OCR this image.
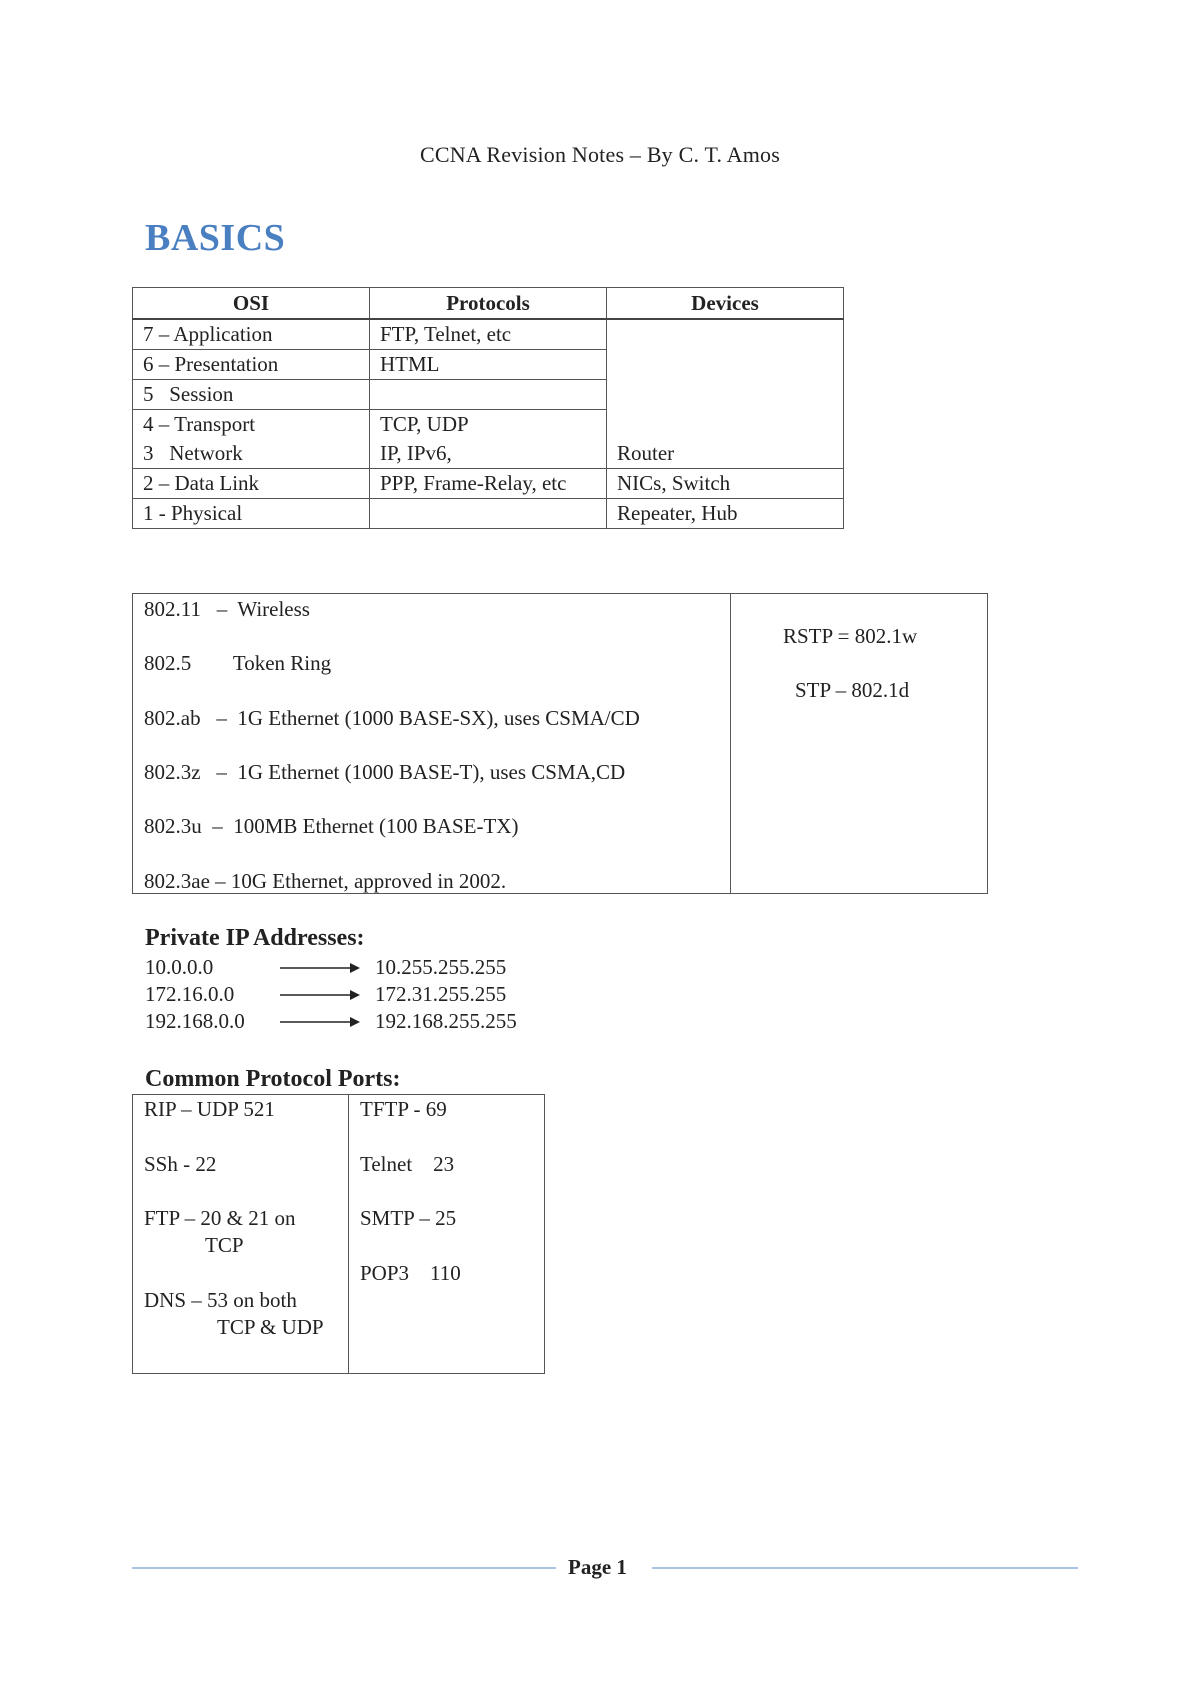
CCNA Revision Notes – By C. T. Amos
BASICS
OSI	Protocols	Devices
7 – Application	FTP, Telnet, etc	
6 – Presentation	HTML	
5   Session		
4 – Transport	TCP, UDP	
3   Network	IP, IPv6,	Router
2 – Data Link	PPP, Frame-Relay, etc	NICs, Switch
1 - Physical		Repeater, Hub
802.11   –  Wireless
802.5        Token Ring
802.ab   –  1G Ethernet (1000 BASE-SX), uses CSMA/CD
802.3z   –  1G Ethernet (1000 BASE-T), uses CSMA,CD
802.3u  –  100MB Ethernet (100 BASE-TX)
802.3ae – 10G Ethernet, approved in 2002.
RSTP = 802.1w
STP – 802.1d
Private IP Addresses:
10.0.0.0	10.255.255.255
172.16.0.0	172.31.255.255
192.168.0.0	192.168.255.255
Common Protocol Ports:
RIP – UDP 521
SSh - 22
FTP – 20 & 21 on
TCP
DNS – 53 on both
TCP & UDP
TFTP - 69
Telnet    23
SMTP – 25
POP3    110
Page 1
